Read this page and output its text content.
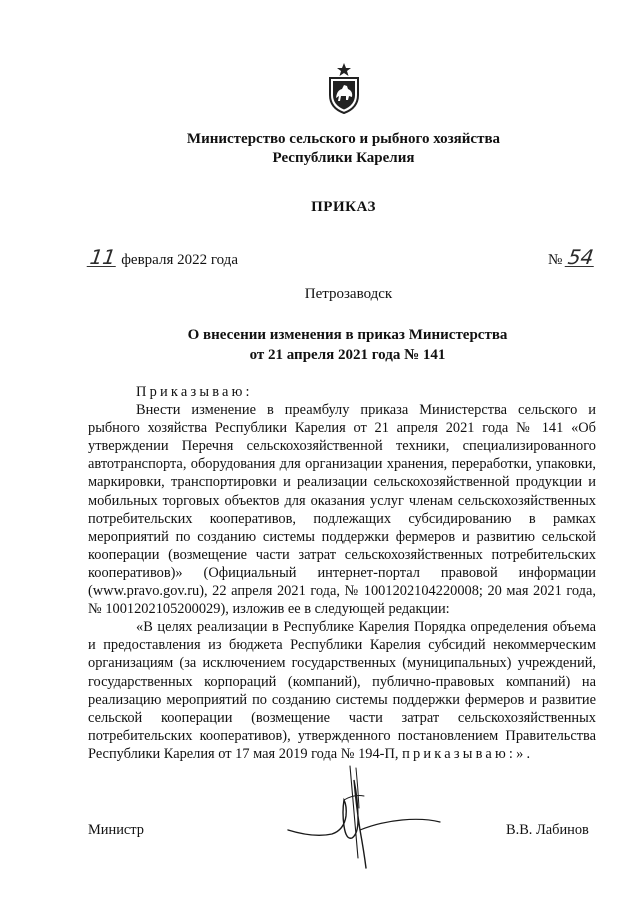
Министерство сельского и рыбного хозяйства
Республики Карелия
ПРИКАЗ
11 февраля 2022 года	№ 54
Петрозаводск
О внесении изменения в приказ Министерства
от 21 апреля 2021 года № 141

Приказываю:

Внести изменение в преамбулу приказа Министерства сельского и рыбного хозяйства Республики Карелия от 21 апреля 2021 года № 141 «Об утверждении Перечня сельскохозяйственной техники, специализированного автотранспорта, оборудования для организации хранения, переработки, упаковки, маркировки, транспортировки и реализации сельскохозяйственной продукции и мобильных торговых объектов для оказания услуг членам сельскохозяйственных потребительских кооперативов, подлежащих субсидированию в рамках мероприятий по созданию системы поддержки фермеров и развитию сельской кооперации (возмещение части затрат сельскохозяйственных потребительских кооперативов)» (Официальный интернет-портал правовой информации (www.pravo.gov.ru), 22 апреля 2021 года, № 1001202104220008; 20 мая 2021 года, № 1001202105200029), изложив ее в следующей редакции:

«В целях реализации в Республике Карелия Порядка определения объема и предоставления из бюджета Республики Карелия субсидий некоммерческим организациям (за исключением государственных (муниципальных) учреждений, государственных корпораций (компаний), публично-правовых компаний) на реализацию мероприятий по созданию системы поддержки фермеров и развитие сельской кооперации (возмещение части затрат сельскохозяйственных потребительских кооперативов), утвержденного постановлением Правительства Республики Карелия от 17 мая 2019 года № 194-П, приказываю:».

Министр	В.В. Лабинов
